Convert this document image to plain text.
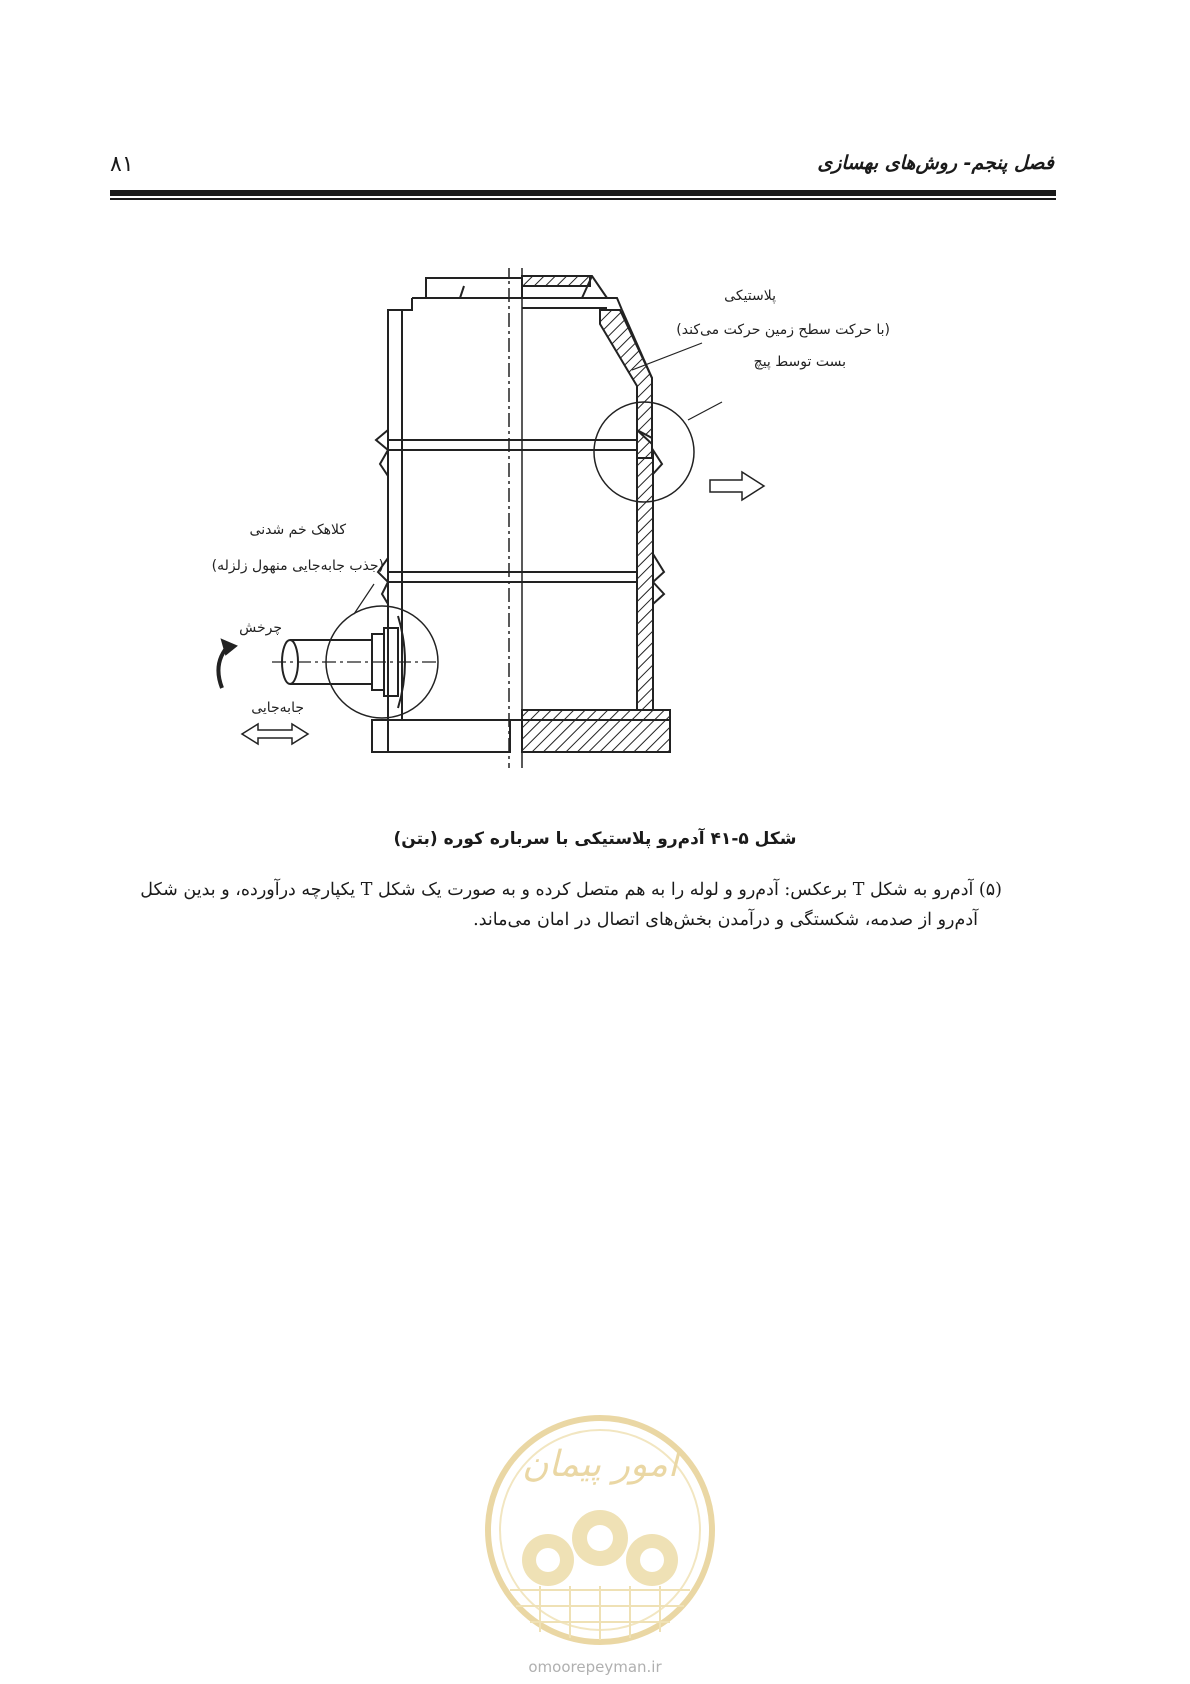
۸۱	فصل پنجم- روش‌های بهسازی
پلاستیکی
(با حرکت سطح زمین حرکت می‌کند)
بست توسط پیچ
کلاهک خم شدنی
(جذب جابه‌جایی منهول زلزله)
چرخش
جابه‌جایی
شکل ۵-۴۱ آدم‌رو پلاستیکی با سرباره کوره (بتن)
(۵) آدم‌رو به شکل T برعکس: آدم‌رو و لوله را به هم متصل کرده و به صورت یک شکل T یکپارچه درآورده، و بدین شکل
آدم‌رو از صدمه، شکستگی و درآمدن بخش‌های اتصال در امان می‌ماند.
امور پیمان
omoorepeyman.ir
